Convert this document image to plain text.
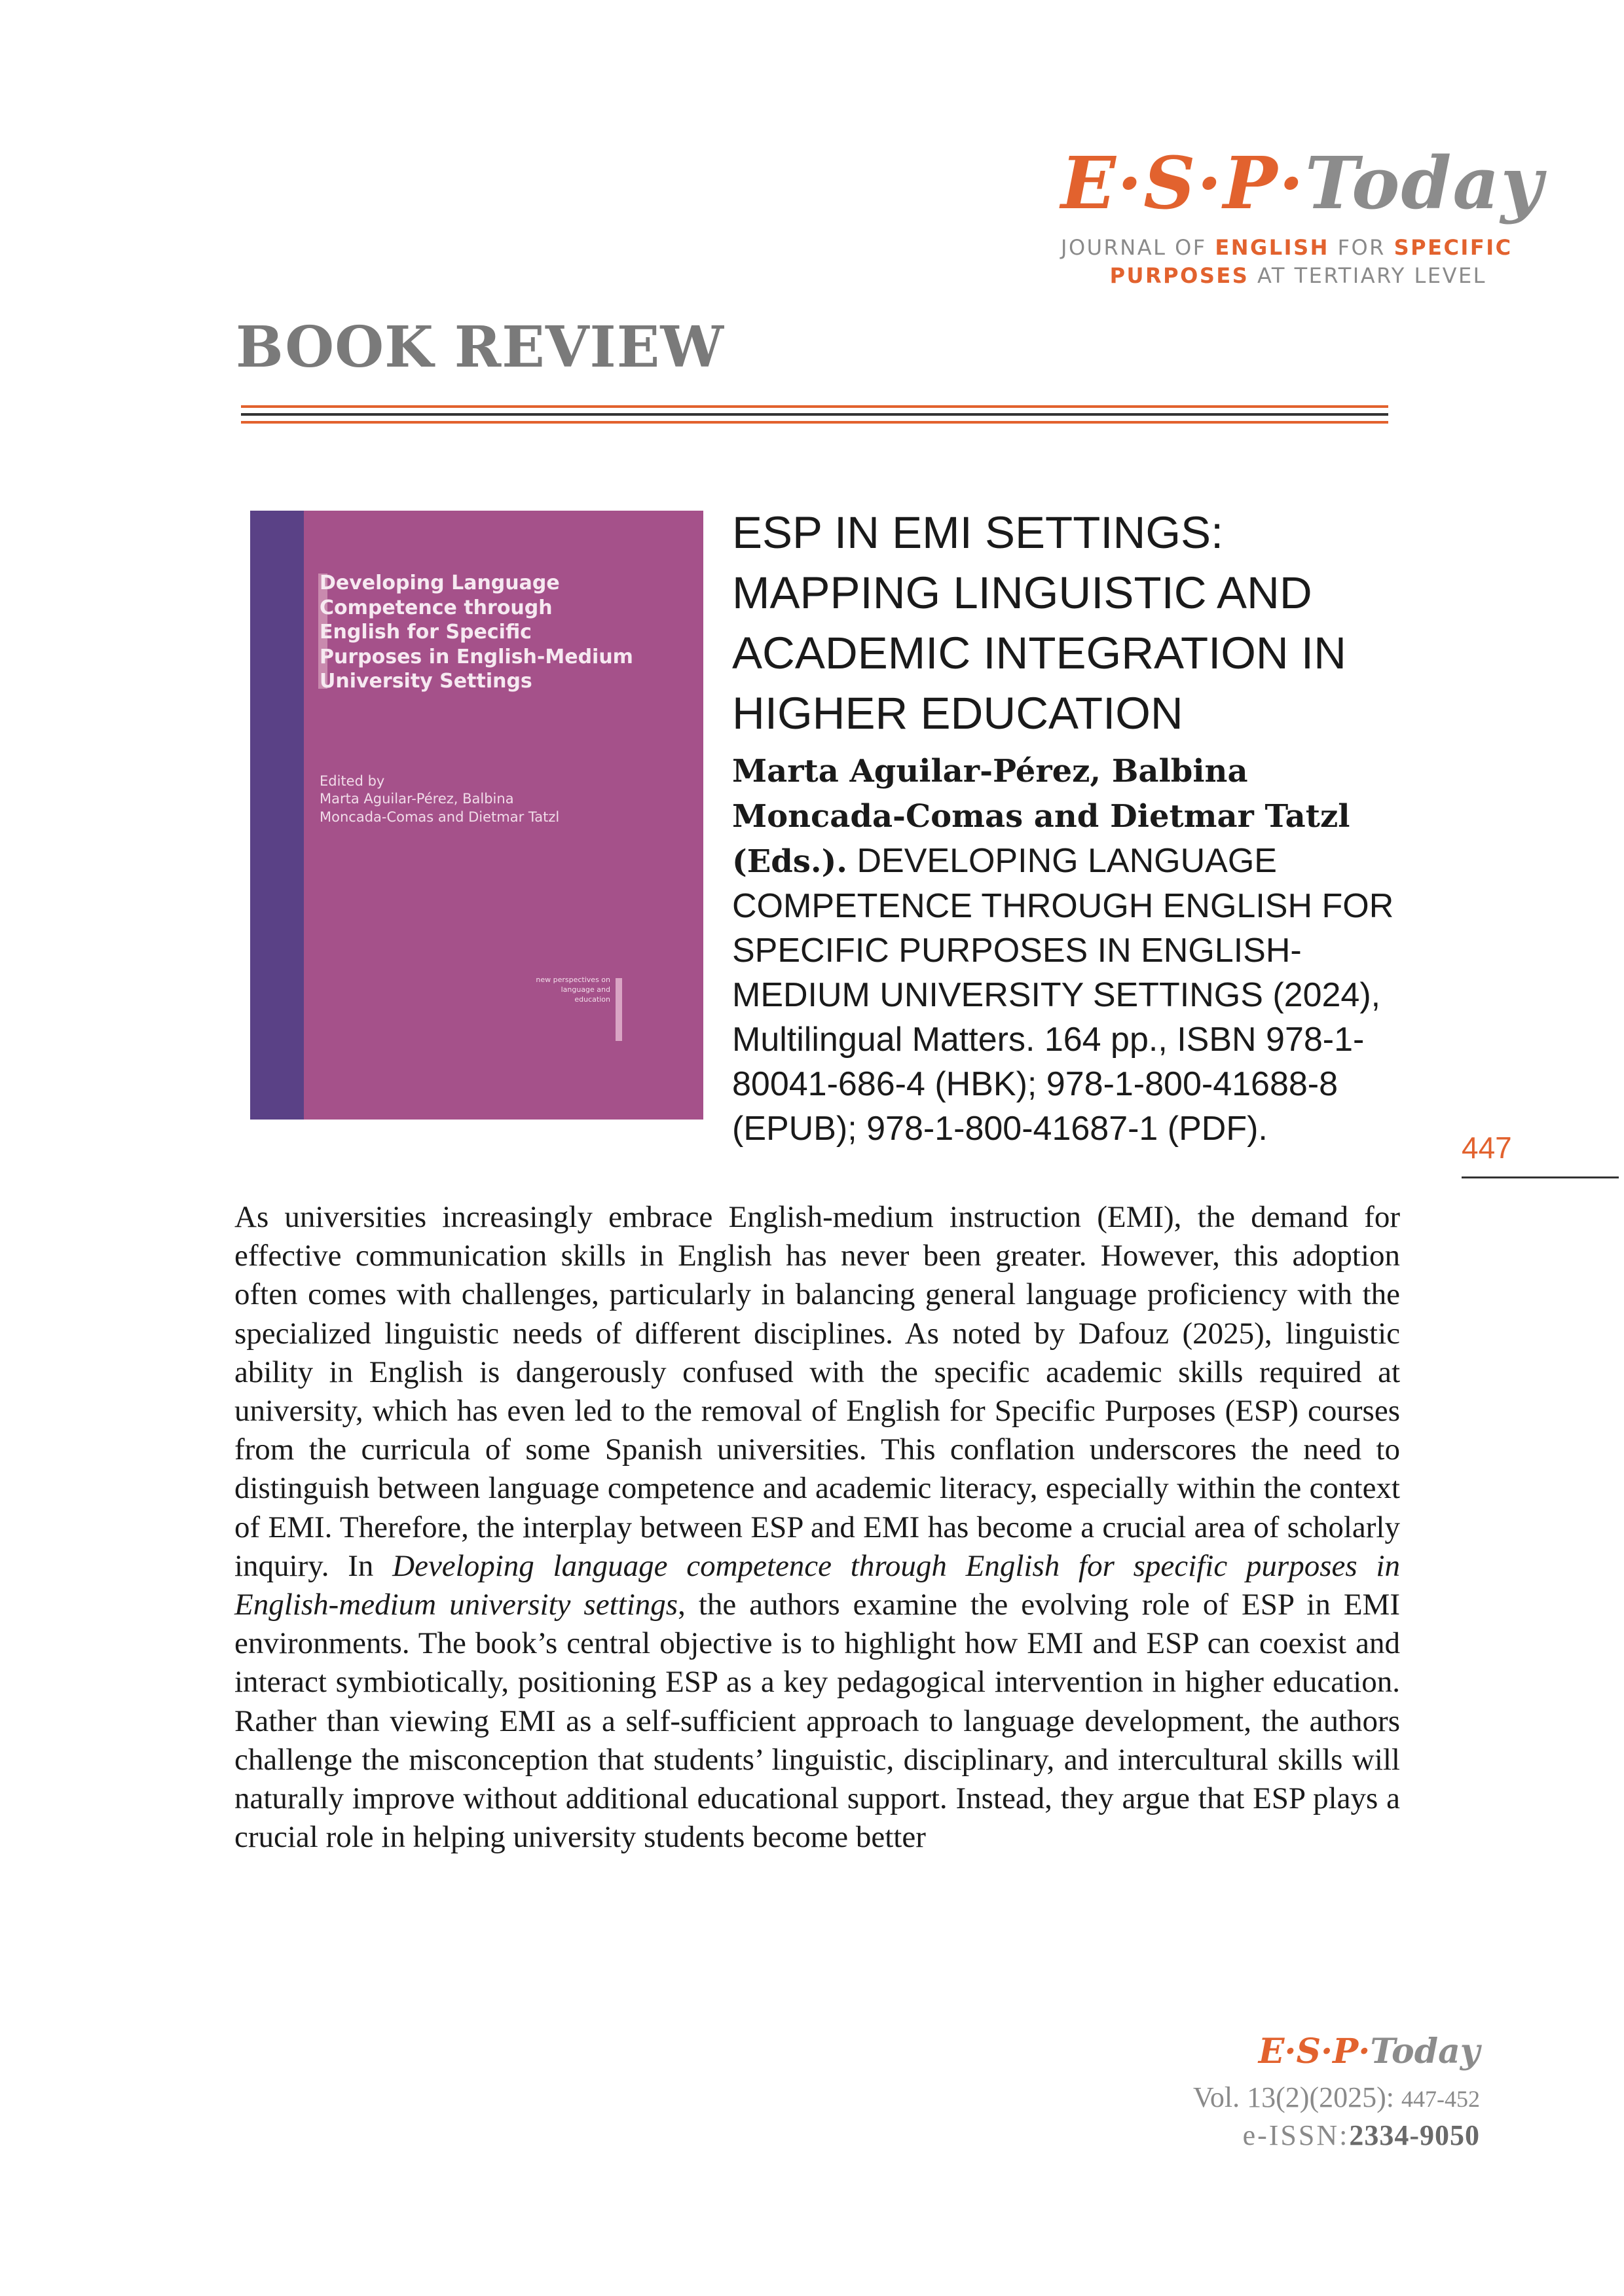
E·S·P·Today
JOURNAL OF ENGLISH FOR SPECIFIC
PURPOSES AT TERTIARY LEVEL
BOOK REVIEW
Developing Language Competence through English for Specific Purposes in English-Medium University Settings
Edited by
Marta Aguilar-Pérez, Balbina Moncada-Comas and Dietmar Tatzl
new perspectives on language and education
ESP IN EMI SETTINGS: MAPPING LINGUISTIC AND ACADEMIC INTEGRATION IN HIGHER EDUCATION
Marta Aguilar-Pérez, Balbina Moncada-Comas and Dietmar Tatzl (Eds.). DEVELOPING LANGUAGE COMPETENCE THROUGH ENGLISH FOR SPECIFIC PURPOSES IN ENGLISH-MEDIUM UNIVERSITY SETTINGS (2024), Multilingual Matters. 164 pp., ISBN 978-1-80041-686-4 (HBK); 978-1-800-41688-8 (EPUB); 978-1-800-41687-1 (PDF).	447

As universities increasingly embrace English-medium instruction (EMI), the demand for effective communication skills in English has never been greater. However, this adoption often comes with challenges, particularly in balancing general language proficiency with the specialized linguistic needs of different disciplines. As noted by Dafouz (2025), linguistic ability in English is dangerously confused with the specific academic skills required at university, which has even led to the removal of English for Specific Purposes (ESP) courses from the curricula of some Spanish universities. This conflation underscores the need to distinguish between language competence and academic literacy, especially within the context of EMI. Therefore, the interplay between ESP and EMI has become a crucial area of scholarly inquiry. In Developing language competence through English for specific purposes in English-medium university settings, the authors examine the evolving role of ESP in EMI environments. The book’s central objective is to highlight how EMI and ESP can coexist and interact symbiotically, positioning ESP as a key pedagogical intervention in higher education. Rather than viewing EMI as a self-sufficient approach to language development, the authors challenge the misconception that students’ linguistic, disciplinary, and intercultural skills will naturally improve without additional educational support. Instead, they argue that ESP plays a crucial role in helping university students become better

E·S·P·Today
Vol. 13(2)(2025): 447-452
e-ISSN:2334-9050
